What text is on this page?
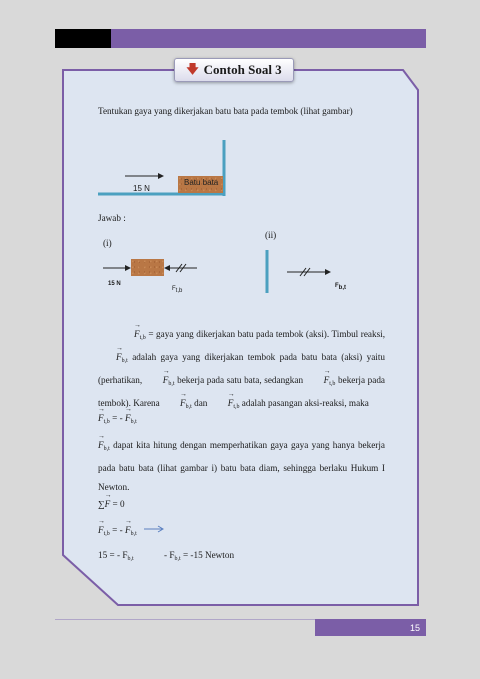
🡇 Contoh Soal 3
Tentukan gaya yang dikerjakan batu bata pada tembok (lihat gambar)
15 N
Batu bata
Jawab :
(i)
(ii)
15 N
Ft,b
Fb,t
→ $F_{t,b}$ = gaya yang dikerjakan batu pada tembok (aksi). Timbul reaksi, → $F_{b,t}$ adalah gaya yang dikerjakan tembok pada batu bata (aksi) yaitu (perhatikan, → $F_{b,t}$ bekerja pada satu bata, sedangkan → $F_{t,b}$ bekerja pada tembok). Karena → $F_{b,t}$ dan → $F_{t,b}$ adalah pasangan aksi-reaksi, maka
→ $F_{t,b}$ = - → $F_{b,t}$
→ $F_{b,t}$ dapat kita hitung dengan memperhatikan gaya gaya yang hanya bekerja pada batu bata (lihat gambar i) batu bata diam, sehingga berlaku Hukum I Newton.
∑→ F = 0
→ $F_{t,b}$ = - → $F_{b,t}$
15 = - $F_{b,t}$	- $F_{b,t} = -15$ Newton
15
